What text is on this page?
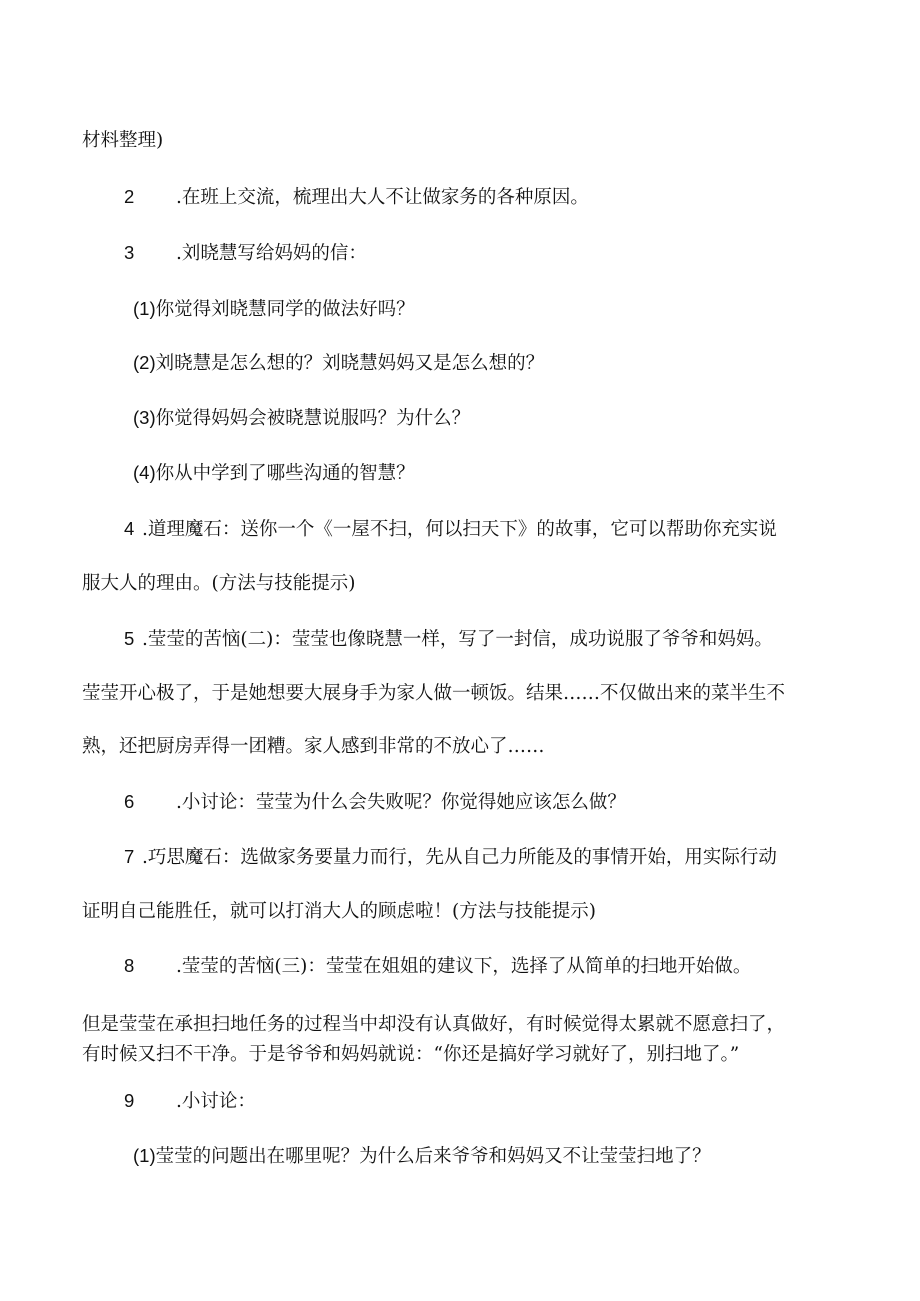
材料整理)
2 .在班上交流，梳理出大人不让做家务的各种原因。
3 .刘晓慧写给妈妈的信：
(1)你觉得刘晓慧同学的做法好吗？
(2)刘晓慧是怎么想的？刘晓慧妈妈又是怎么想的？
(3)你觉得妈妈会被晓慧说服吗？为什么？
(4)你从中学到了哪些沟通的智慧？
4 .道理魔石：送你一个《一屋不扫，何以扫天下》的故事，它可以帮助你充实说
服大人的理由。(方法与技能提示)
5 .莹莹的苦恼(二)：莹莹也像晓慧一样，写了一封信，成功说服了爷爷和妈妈。
莹莹开心极了，于是她想要大展身手为家人做一顿饭。结果……不仅做出来的菜半生不
熟，还把厨房弄得一团糟。家人感到非常的不放心了……
6 .小讨论：莹莹为什么会失败呢？你觉得她应该怎么做？
7 .巧思魔石：选做家务要量力而行，先从自己力所能及的事情开始，用实际行动
证明自己能胜任，就可以打消大人的顾虑啦！(方法与技能提示)
8 .莹莹的苦恼(三)：莹莹在姐姐的建议下，选择了从简单的扫地开始做。
但是莹莹在承担扫地任务的过程当中却没有认真做好，有时候觉得太累就不愿意扫了，
有时候又扫不干净。于是爷爷和妈妈就说：“你还是搞好学习就好了，别扫地了。”
9 .小讨论：
(1)莹莹的问题出在哪里呢？为什么后来爷爷和妈妈又不让莹莹扫地了？
